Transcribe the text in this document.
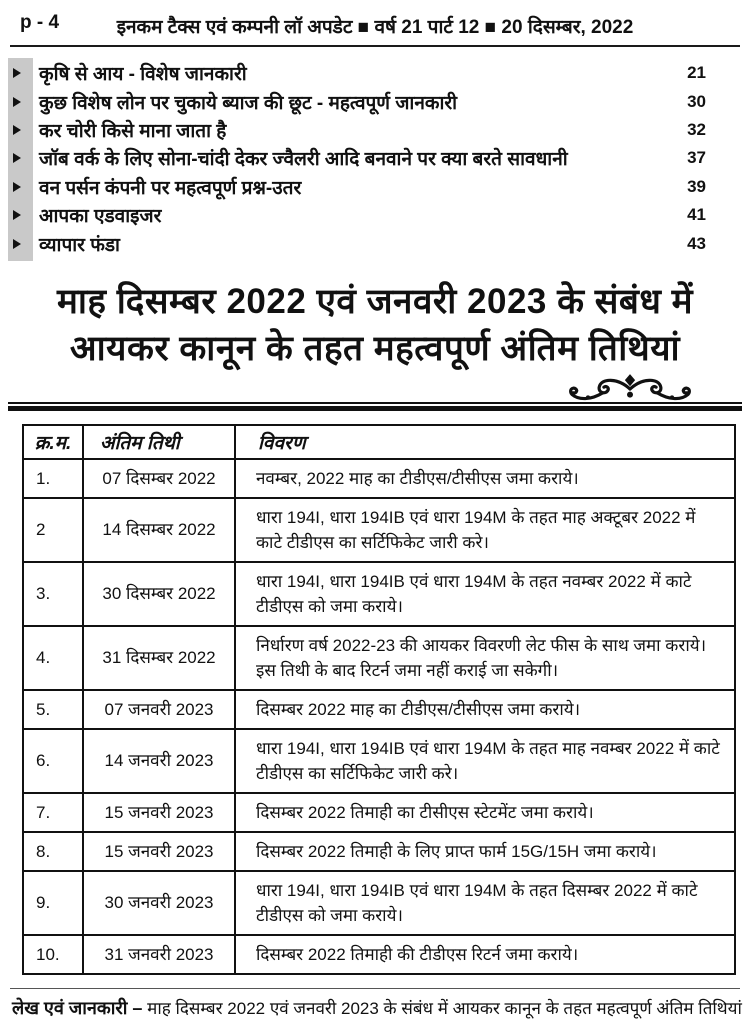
p - 4	इनकम टैक्स एवं कम्पनी लॉ अपडेट ■ वर्ष 21 पार्ट 12 ■ 20 दिसम्बर, 2022
कृषि से आय - विशेष जानकारी	21
कुछ विशेष लोन पर चुकाये ब्याज की छूट - महत्वपूर्ण जानकारी	30
कर चोरी किसे माना जाता है	32
जॉब वर्क के लिए सोना-चांदी देकर ज्वैलरी आदि बनवाने पर क्या बरते सावधानी	37
वन पर्सन कंपनी पर महत्वपूर्ण प्रश्न-उतर	39
आपका एडवाइजर	41
व्यापार फंडा	43
माह दिसम्बर 2022 एवं जनवरी 2023 के संबंध में
आयकर कानून के तहत महत्वपूर्ण अंतिम तिथियां
क्र.म.	अंतिम तिथी	विवरण
1.	07 दिसम्बर 2022	नवम्बर, 2022 माह का टीडीएस/टीसीएस जमा कराये।
2	14 दिसम्बर 2022	धारा 194I, धारा 194IB एवं धारा 194M के तहत माह अक्टूबर 2022 में काटे टीडीएस का सर्टिफिकेट जारी करे।
3.	30 दिसम्बर 2022	धारा 194I, धारा 194IB एवं धारा 194M के तहत नवम्बर 2022 में काटे टीडीएस को जमा कराये।
4.	31 दिसम्बर 2022	निर्धारण वर्ष 2022-23 की आयकर विवरणी लेट फीस के साथ जमा कराये। इस तिथी के बाद रिटर्न जमा नहीं कराई जा सकेगी।
5.	07 जनवरी 2023	दिसम्बर 2022 माह का टीडीएस/टीसीएस जमा कराये।
6.	14 जनवरी 2023	धारा 194I, धारा 194IB एवं धारा 194M के तहत माह नवम्बर 2022 में काटे टीडीएस का सर्टिफिकेट जारी करे।
7.	15 जनवरी 2023	दिसम्बर 2022 तिमाही का टीसीएस स्टेटमेंट जमा कराये।
8.	15 जनवरी 2023	दिसम्बर 2022 तिमाही के लिए प्राप्त फार्म 15G/15H जमा कराये।
9.	30 जनवरी 2023	धारा 194I, धारा 194IB एवं धारा 194M के तहत दिसम्बर 2022 में काटे टीडीएस को जमा कराये।
10.	31 जनवरी 2023	दिसम्बर 2022 तिमाही की टीडीएस रिटर्न जमा कराये।
लेख एवं जानकारी – माह दिसम्बर 2022 एवं जनवरी 2023 के संबंध में आयकर कानून के तहत महत्वपूर्ण अंतिम तिथियां
